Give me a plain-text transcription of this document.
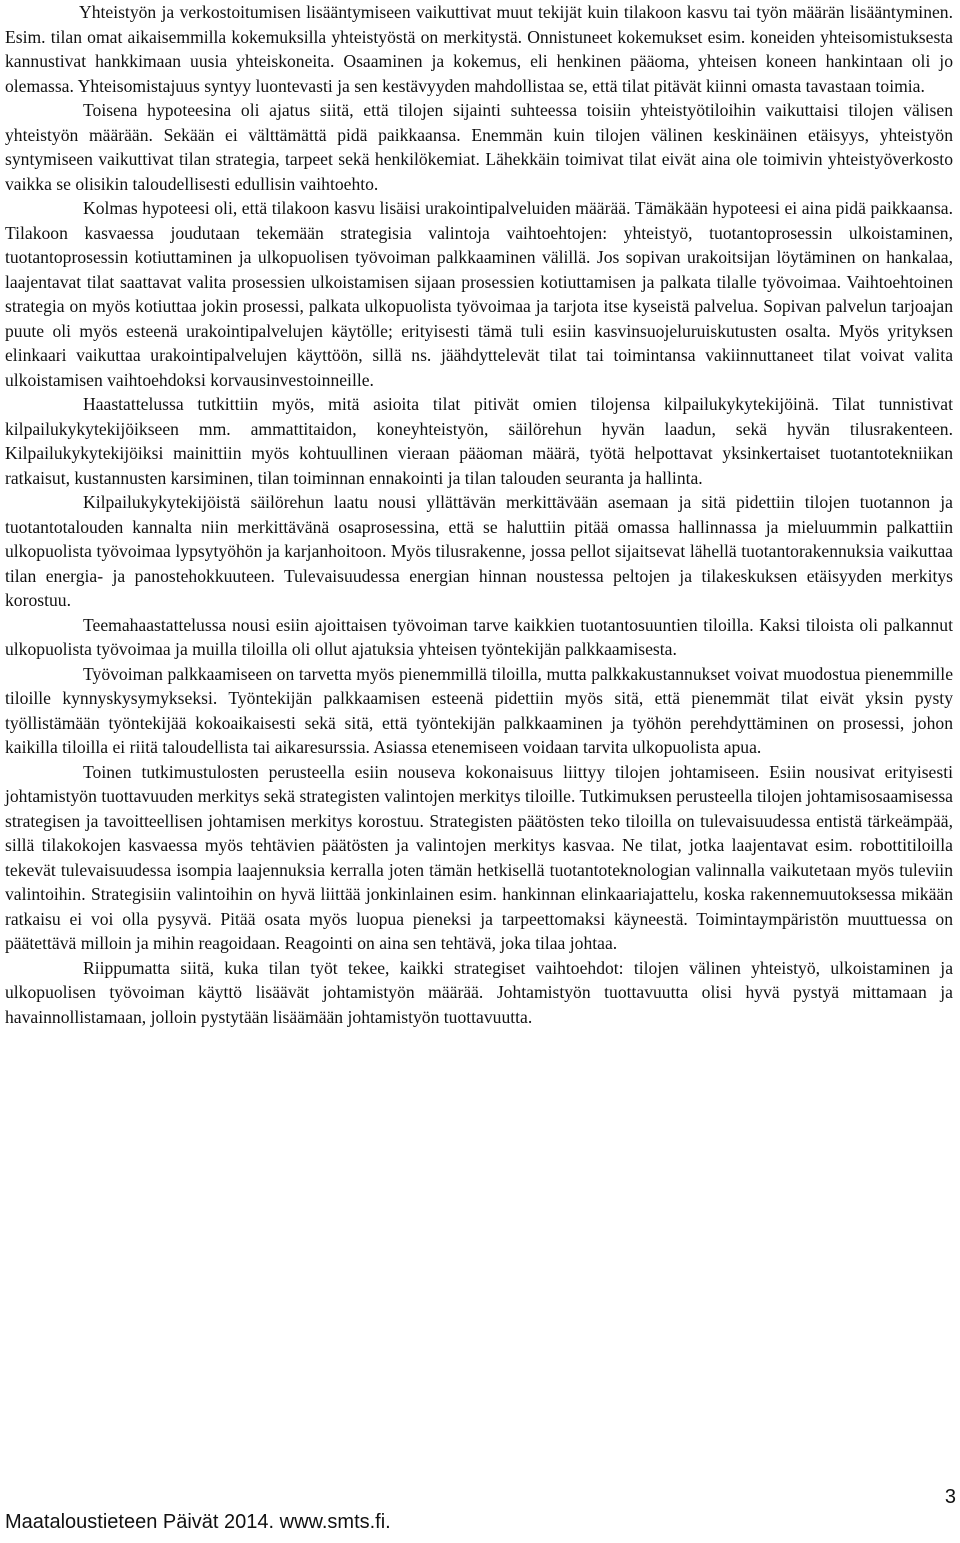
Yhteistyön ja verkostoitumisen lisääntymiseen vaikuttivat muut tekijät kuin tilakoon kasvu tai työn määrän lisääntyminen. Esim. tilan omat aikaisemmilla kokemuksilla yhteistyöstä on merkitystä. Onnistuneet kokemukset esim. koneiden yhteisomistuksesta kannustivat hankkimaan uusia yhteiskoneita. Osaaminen ja kokemus, eli henkinen pääoma, yhteisen koneen hankintaan oli jo olemassa. Yhteisomistajuus syntyy luontevasti ja sen kestävyyden mahdollistaa se, että tilat pitävät kiinni omasta tavastaan toimia.

Toisena hypoteesina oli ajatus siitä, että tilojen sijainti suhteessa toisiin yhteistyötiloihin vaikuttaisi tilojen välisen yhteistyön määrään. Sekään ei välttämättä pidä paikkaansa. Enemmän kuin tilojen välinen keskinäinen etäisyys, yhteistyön syntymiseen vaikuttivat tilan strategia, tarpeet sekä henkilökemiat. Lähekkäin toimivat tilat eivät aina ole toimivin yhteistyöverkosto vaikka se olisikin taloudellisesti edullisin vaihtoehto.

Kolmas hypoteesi oli, että tilakoon kasvu lisäisi urakointipalveluiden määrää. Tämäkään hypoteesi ei aina pidä paikkaansa. Tilakoon kasvaessa joudutaan tekemään strategisia valintoja vaihtoehtojen: yhteistyö, tuotantoprosessin ulkoistaminen, tuotantoprosessin kotiuttaminen ja ulkopuolisen työvoiman palkkaaminen välillä. Jos sopivan urakoitsijan löytäminen on hankalaa, laajentavat tilat saattavat valita prosessien ulkoistamisen sijaan prosessien kotiuttamisen ja palkata tilalle työvoimaa. Vaihtoehtoinen strategia on myös kotiuttaa jokin prosessi, palkata ulkopuolista työvoimaa ja tarjota itse kyseistä palvelua. Sopivan palvelun tarjoajan puute oli myös esteenä urakointipalvelujen käytölle; erityisesti tämä tuli esiin kasvinsuojeluruiskutusten osalta. Myös yrityksen elinkaari vaikuttaa urakointipalvelujen käyttöön, sillä ns. jäähdyttelevät tilat tai toimintansa vakiinnuttaneet tilat voivat valita ulkoistamisen vaihtoehdoksi korvausinvestoinneille.

Haastattelussa tutkittiin myös, mitä asioita tilat pitivät omien tilojensa kilpailukykytekijöinä. Tilat tunnistivat kilpailukykytekijöikseen mm. ammattitaidon, koneyhteistyön, säilörehun hyvän laadun, sekä hyvän tilusrakenteen. Kilpailukykytekijöiksi mainittiin myös kohtuullinen vieraan pääoman määrä, työtä helpottavat yksinkertaiset tuotantotekniikan ratkaisut, kustannusten karsiminen, tilan toiminnan ennakointi ja tilan talouden seuranta ja hallinta.

Kilpailukykytekijöistä säilörehun laatu nousi yllättävän merkittävään asemaan ja sitä pidettiin tilojen tuotannon ja tuotantotalouden kannalta niin merkittävänä osaprosessina, että se haluttiin pitää omassa hallinnassa ja mieluummin palkattiin ulkopuolista työvoimaa lypsytyöhön ja karjanhoitoon. Myös tilusrakenne, jossa pellot sijaitsevat lähellä tuotantorakennuksia vaikuttaa tilan energia- ja panostehokkuuteen. Tulevaisuudessa energian hinnan noustessa peltojen ja tilakeskuksen etäisyyden merkitys korostuu.

Teemahaastattelussa nousi esiin ajoittaisen työvoiman tarve kaikkien tuotantosuuntien tiloilla. Kaksi tiloista oli palkannut ulkopuolista työvoimaa ja muilla tiloilla oli ollut ajatuksia yhteisen työntekijän palkkaamisesta.

Työvoiman palkkaamiseen on tarvetta myös pienemmillä tiloilla, mutta palkkakustannukset voivat muodostua pienemmille tiloille kynnyskysymykseksi. Työntekijän palkkaamisen esteenä pidettiin myös sitä, että pienemmät tilat eivät yksin pysty työllistämään työntekijää kokoaikaisesti sekä sitä, että työntekijän palkkaaminen ja työhön perehdyttäminen on prosessi, johon kaikilla tiloilla ei riitä taloudellista tai aikaresurssia. Asiassa etenemiseen voidaan tarvita ulkopuolista apua.

Toinen tutkimustulosten perusteella esiin nouseva kokonaisuus liittyy tilojen johtamiseen. Esiin nousivat erityisesti johtamistyön tuottavuuden merkitys sekä strategisten valintojen merkitys tiloille. Tutkimuksen perusteella tilojen johtamisosaamisessa strategisen ja tavoitteellisen johtamisen merkitys korostuu. Strategisten päätösten teko tiloilla on tulevaisuudessa entistä tärkeämpää, sillä tilakokojen kasvaessa myös tehtävien päätösten ja valintojen merkitys kasvaa. Ne tilat, jotka laajentavat esim. robottitiloilla tekevät tulevaisuudessa isompia laajennuksia kerralla joten tämän hetkisellä tuotantoteknologian valinnalla vaikutetaan myös tuleviin valintoihin. Strategisiin valintoihin on hyvä liittää jonkinlainen esim. hankinnan elinkaariajattelu, koska rakennemuutoksessa mikään ratkaisu ei voi olla pysyvä. Pitää osata myös luopua pieneksi ja tarpeettomaksi käyneestä. Toimintaympäristön muuttuessa on päätettävä milloin ja mihin reagoidaan. Reagointi on aina sen tehtävä, joka tilaa johtaa.

Riippumatta siitä, kuka tilan työt tekee, kaikki strategiset vaihtoehdot: tilojen välinen yhteistyö, ulkoistaminen ja ulkopuolisen työvoiman käyttö lisäävät johtamistyön määrää. Johtamistyön tuottavuutta olisi hyvä pystyä mittamaan ja havainnollistamaan, jolloin pystytään lisäämään johtamistyön tuottavuutta.

Maataloustieteen Päivät 2014. www.smts.fi.
3
